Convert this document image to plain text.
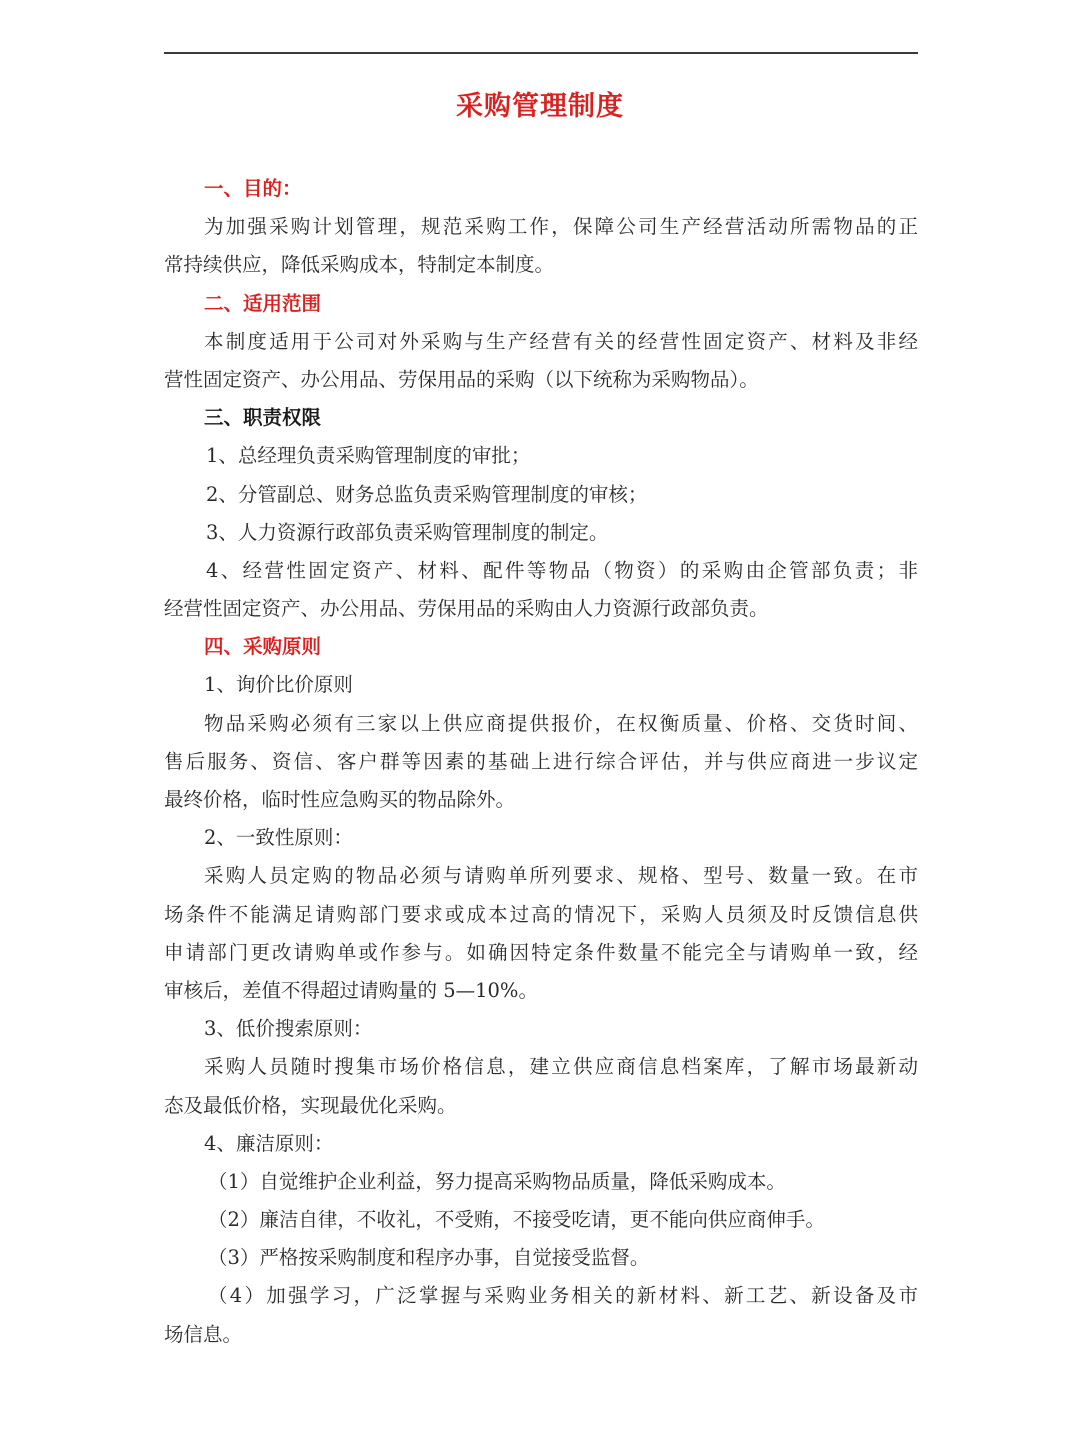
采购管理制度
一、目的：
为加强采购计划管理，规范采购工作，保障公司生产经营活动所需物品的正
常持续供应，降低采购成本，特制定本制度。
二、适用范围
本制度适用于公司对外采购与生产经营有关的经营性固定资产、材料及非经
营性固定资产、办公用品、劳保用品的采购（以下统称为采购物品）。
三、职责权限
1、总经理负责采购管理制度的审批；
2、分管副总、财务总监负责采购管理制度的审核；
3、人力资源行政部负责采购管理制度的制定。
4、经营性固定资产、材料、配件等物品（物资）的采购由企管部负责；非
经营性固定资产、办公用品、劳保用品的采购由人力资源行政部负责。
四、采购原则
1、询价比价原则
物品采购必须有三家以上供应商提供报价，在权衡质量、价格、交货时间、
售后服务、资信、客户群等因素的基础上进行综合评估，并与供应商进一步议定
最终价格，临时性应急购买的物品除外。
2、一致性原则：
采购人员定购的物品必须与请购单所列要求、规格、型号、数量一致。在市
场条件不能满足请购部门要求或成本过高的情况下，采购人员须及时反馈信息供
申请部门更改请购单或作参与。如确因特定条件数量不能完全与请购单一致，经
审核后，差值不得超过请购量的 5—10%。
3、低价搜索原则：
采购人员随时搜集市场价格信息，建立供应商信息档案库，了解市场最新动
态及最低价格，实现最优化采购。
4、廉洁原则：
（1）自觉维护企业利益，努力提高采购物品质量，降低采购成本。
（2）廉洁自律，不收礼，不受贿，不接受吃请，更不能向供应商伸手。
（3）严格按采购制度和程序办事，自觉接受监督。
（4）加强学习，广泛掌握与采购业务相关的新材料、新工艺、新设备及市
场信息。
